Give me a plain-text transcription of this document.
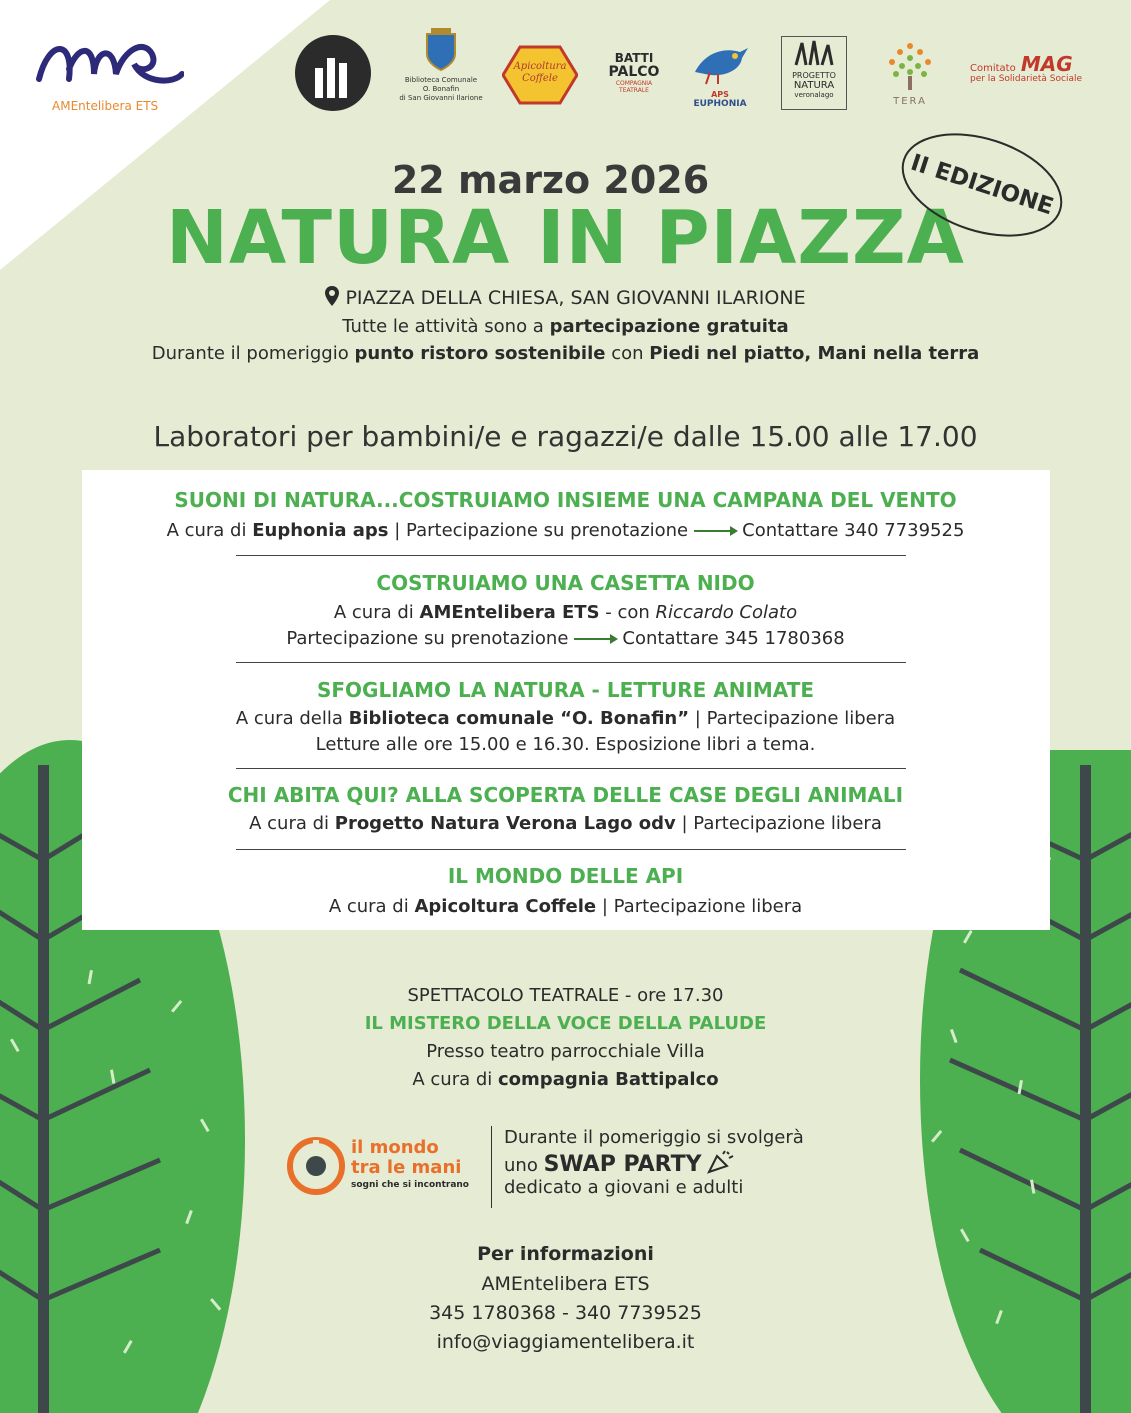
AMEntelibera ETS
Biblioteca Comunale
O. Bonafin
di San Giovanni Ilarione
Apicoltura
Coffele
BATTI
PALCO
COMPAGNIA
TEATRALE	APS
EUPHONIA
PROGETTO
NATURA
veronalago
TERA
Comitato MAG
per la Solidarietà Sociale
22 marzo 2026
NATURA IN PIAZZA
II EDIZIONE
PIAZZA DELLA CHIESA, SAN GIOVANNI ILARIONE
Tutte le attività sono a partecipazione gratuita
Durante il pomeriggio punto ristoro sostenibile con Piedi nel piatto, Mani nella terra
Laboratori per bambini/e e ragazzi/e dalle 15.00 alle 17.00
SUONI DI NATURA...COSTRUIAMO INSIEME UNA CAMPANA DEL VENTO
A cura di Euphonia aps | Partecipazione su prenotazione	Contattare 340 7739525
COSTRUIAMO UNA CASETTA NIDO
A cura di AMEntelibera ETS - con Riccardo Colato
Partecipazione su prenotazione	Contattare 345 1780368
SFOGLIAMO LA NATURA - LETTURE ANIMATE
A cura della Biblioteca comunale “O. Bonafin” | Partecipazione libera
Letture alle ore 15.00 e 16.30. Esposizione libri a tema.
CHI ABITA QUI? ALLA SCOPERTA DELLE CASE DEGLI ANIMALI
A cura di Progetto Natura Verona Lago odv | Partecipazione libera
IL MONDO DELLE API
A cura di Apicoltura Coffele | Partecipazione libera
SPETTACOLO TEATRALE - ore 17.30
IL MISTERO DELLA VOCE DELLA PALUDE
Presso teatro parrocchiale Villa
A cura di compagnia Battipalco
il mondo
tra le mani
sogni che si incontrano
Durante il pomeriggio si svolgerà
uno SWAP PARTY
dedicato a giovani e adulti
Per informazioni
AMEntelibera ETS
345 1780368 - 340 7739525
info@viaggiamentelibera.it
